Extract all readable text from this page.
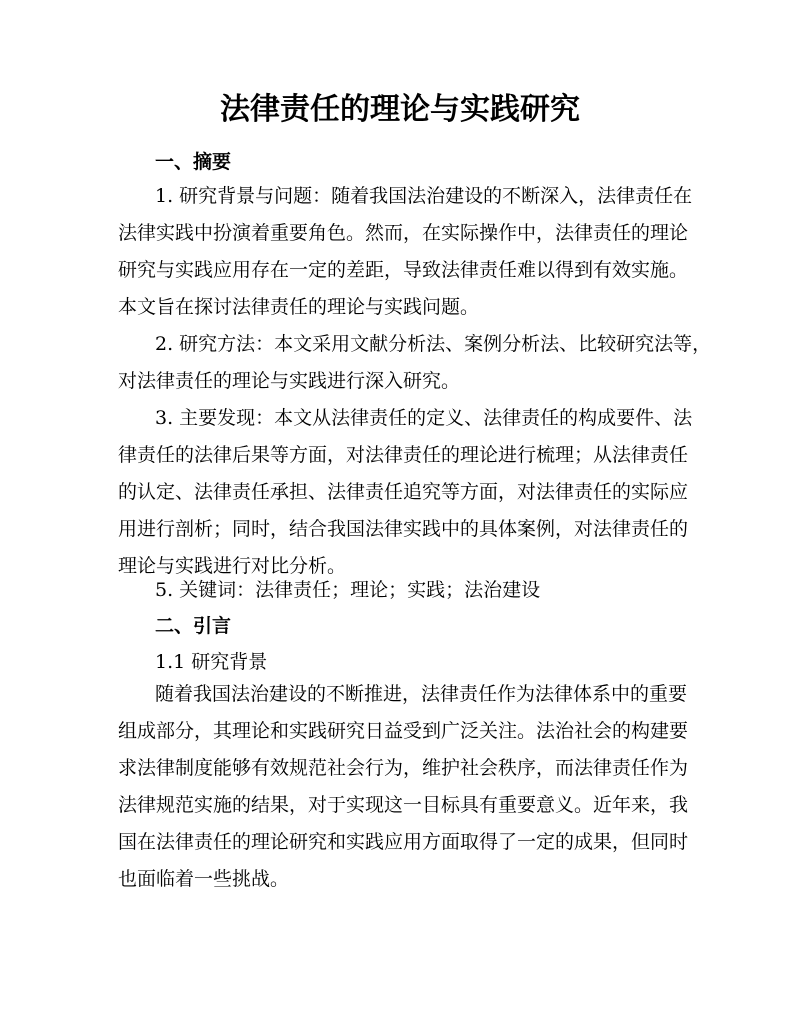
法律责任的理论与实践研究
一、摘要
1. 研究背景与问题：随着我国法治建设的不断深入，法律责任在
法律实践中扮演着重要角色。然而，在实际操作中，法律责任的理论
研究与实践应用存在一定的差距，导致法律责任难以得到有效实施。
本文旨在探讨法律责任的理论与实践问题。
2. 研究方法：本文采用文献分析法、案例分析法、比较研究法等，
对法律责任的理论与实践进行深入研究。
3. 主要发现：本文从法律责任的定义、法律责任的构成要件、法
律责任的法律后果等方面，对法律责任的理论进行梳理；从法律责任
的认定、法律责任承担、法律责任追究等方面，对法律责任的实际应
用进行剖析；同时，结合我国法律实践中的具体案例，对法律责任的
理论与实践进行对比分析。
5. 关键词：法律责任；理论；实践；法治建设
二、引言
1.1 研究背景
随着我国法治建设的不断推进，法律责任作为法律体系中的重要
组成部分，其理论和实践研究日益受到广泛关注。法治社会的构建要
求法律制度能够有效规范社会行为，维护社会秩序，而法律责任作为
法律规范实施的结果，对于实现这一目标具有重要意义。近年来，我
国在法律责任的理论研究和实践应用方面取得了一定的成果，但同时
也面临着一些挑战。
